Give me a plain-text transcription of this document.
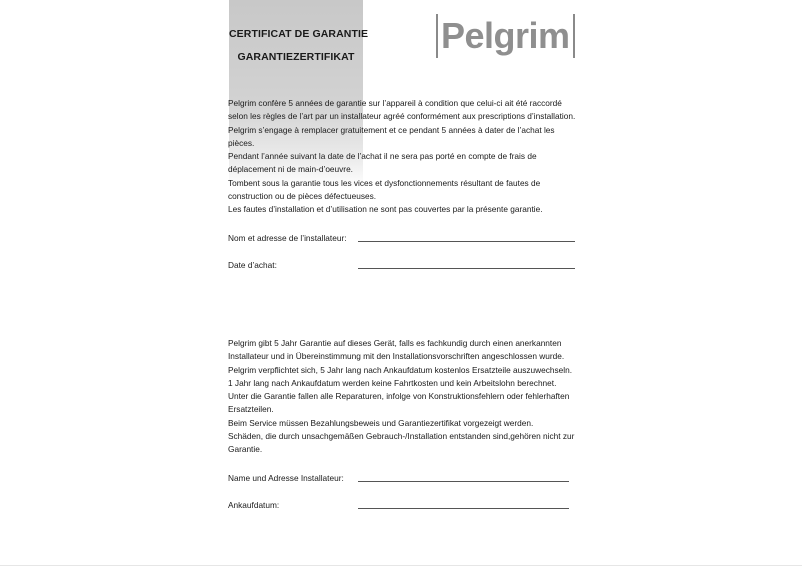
CERTIFICAT DE GARANTIE
GARANTIEZERTIFIKAT
Pelgrim
Pelgrim confère 5 années de garantie sur l’appareil à condition que celui-ci ait été raccordé
selon les règles de l’art par un installateur agréé conformément aux prescriptions d’installation.
Pelgrim s’engage à remplacer gratuitement et ce pendant 5 années à dater de l’achat les
pièces.
Pendant l’année suivant la date de l’achat il ne sera pas porté en compte de frais de
déplacement ni de main-d’oeuvre.
Tombent sous la garantie tous les vices et dysfonctionnements résultant de fautes de
construction ou de pièces défectueuses.
Les fautes d’installation et d’utilisation ne sont pas couvertes par la présente garantie.
Nom et adresse de l’installateur:
Date d’achat:
Pelgrim gibt 5 Jahr Garantie auf dieses Gerät, falls es fachkundig durch einen anerkannten
Installateur und in Übereinstimmung mit den Installationsvorschriften angeschlossen wurde.
Pelgrim verpflichtet sich, 5 Jahr lang nach Ankaufdatum kostenlos Ersatzteile auszuwechseln.
1 Jahr lang nach Ankaufdatum werden keine Fahrtkosten und kein Arbeitslohn berechnet.
Unter die Garantie fallen alle Reparaturen, infolge von Konstruktionsfehlern oder fehlerhaften
Ersatzteilen.
Beim Service müssen Bezahlungsbeweis und Garantiezertifikat vorgezeigt werden.
Schäden, die durch unsachgemäßen Gebrauch-/Installation entstanden sind,gehören nicht zur
Garantie.
Name und Adresse Installateur:
Ankaufdatum:
